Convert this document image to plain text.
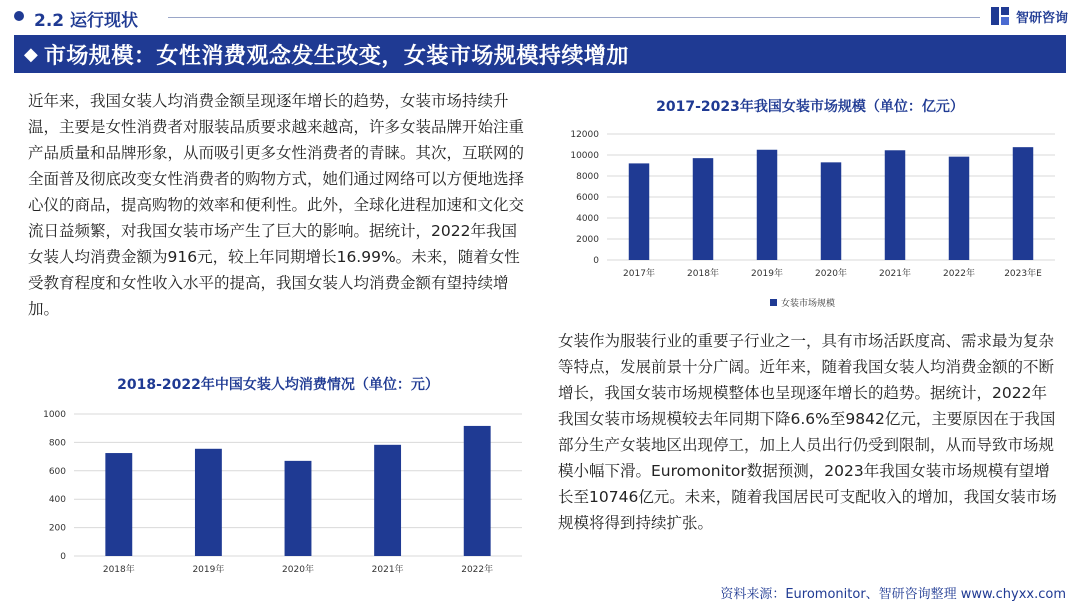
2.2 运行现状	智研咨询
◆ 市场规模：女性消费观念发生改变，女装市场规模持续增加
近年来，我国女装人均消费金额呈现逐年增长的趋势，女装市场持续升温，主要是女性消费者对服装品质要求越来越高，许多女装品牌开始注重产品质量和品牌形象，从而吸引更多女性消费者的青睐。其次，互联网的全面普及彻底改变女性消费者的购物方式，她们通过网络可以方便地选择心仪的商品，提高购物的效率和便利性。此外，全球化进程加速和文化交流日益频繁，对我国女装市场产生了巨大的影响。据统计，2022年我国女装人均消费金额为916元，较上年同期增长16.99%。未来，随着女性受教育程度和女性收入水平的提高，我国女装人均消费金额有望持续增加。
2017-2023年我国女装市场规模（单位：亿元）
0
2000
4000
6000
8000
10000
12000
2017年	2018年	2019年	2020年	2021年	2022年	2023年E
女装市场规模
女装作为服装行业的重要子行业之一，具有市场活跃度高、需求最为复杂等特点，发展前景十分广阔。近年来，随着我国女装人均消费金额的不断增长，我国女装市场规模整体也呈现逐年增长的趋势。据统计，2022年我国女装市场规模较去年同期下降6.6%至9842亿元，主要原因在于我国部分生产女装地区出现停工，加上人员出行仍受到限制，从而导致市场规模小幅下滑。Euromonitor数据预测，2023年我国女装市场规模有望增长至10746亿元。未来，随着我国居民可支配收入的增加，我国女装市场规模将得到持续扩张。
2018-2022年中国女装人均消费情况（单位：元）
0
200
400
600
800
1000
2018年	2019年	2020年	2021年	2022年
资料来源：Euromonitor、智研咨询整理 www.chyxx.com
